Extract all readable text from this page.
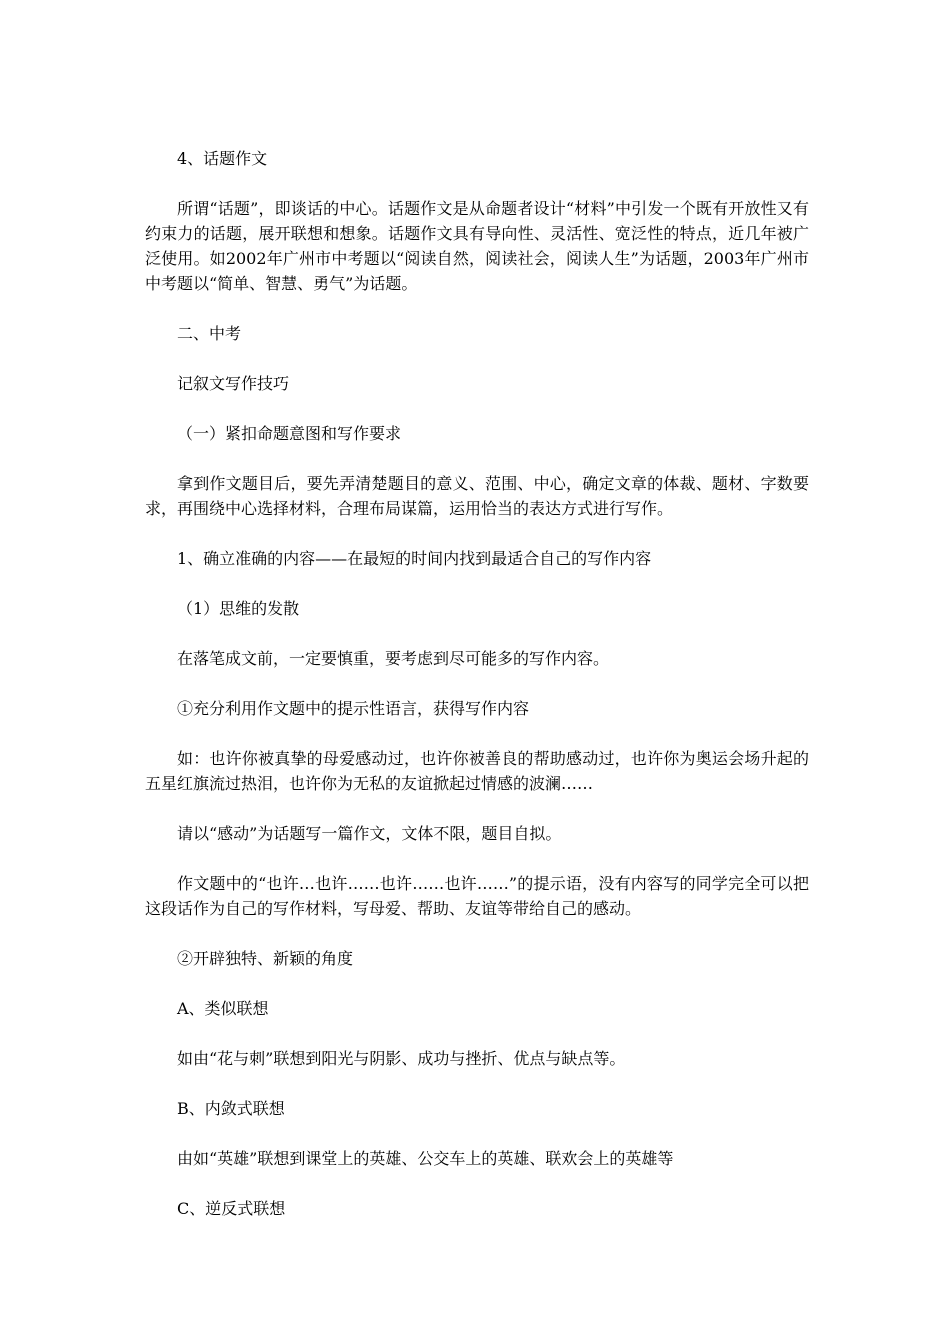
4、话题作文

所谓“话题”，即谈话的中心。话题作文是从命题者设计“材料”中引发一个既有开放性又有约束力的话题，展开联想和想象。话题作文具有导向性、灵活性、宽泛性的特点，近几年被广泛使用。如2002年广州市中考题以“阅读自然，阅读社会，阅读人生”为话题，2003年广州市中考题以“简单、智慧、勇气”为话题。

二、中考

记叙文写作技巧

（一）紧扣命题意图和写作要求

拿到作文题目后，要先弄清楚题目的意义、范围、中心，确定文章的体裁、题材、字数要求，再围绕中心选择材料，合理布局谋篇，运用恰当的表达方式进行写作。

1、确立准确的内容——在最短的时间内找到最适合自己的写作内容

（1）思维的发散

在落笔成文前，一定要慎重，要考虑到尽可能多的写作内容。

①充分利用作文题中的提示性语言，获得写作内容

如：也许你被真挚的母爱感动过，也许你被善良的帮助感动过，也许你为奥运会场升起的五星红旗流过热泪，也许你为无私的友谊掀起过情感的波澜……

请以“感动”为话题写一篇作文，文体不限，题目自拟。

作文题中的“也许…也许……也许……也许……”的提示语，没有内容写的同学完全可以把这段话作为自己的写作材料，写母爱、帮助、友谊等带给自己的感动。

②开辟独特、新颖的角度

A、类似联想

如由“花与刺”联想到阳光与阴影、成功与挫折、优点与缺点等。

B、内敛式联想

由如“英雄”联想到课堂上的英雄、公交车上的英雄、联欢会上的英雄等

C、逆反式联想
